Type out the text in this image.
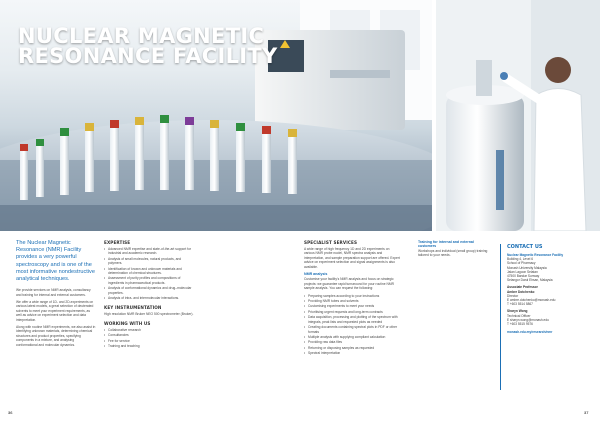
NUCLEAR MAGNETIC RESONANCE FACILITY
The Nuclear Magnetic Resonance (NMR) Facility provides a very powerful spectroscopy and is one of the most informative nondestructive analytical techniques.

We provide services on NMR analysis, consultancy and training for internal and external customers.

We offer a wide range of 1D- and 2D-experiments on various latest models, a great selection of deuterated solvents to meet your experiment requirements, as well as advice on experiment selection and data interpretation.

Along with routine NMR experiments, we also assist in identifying unknown materials, determining chemical structures and product properties, specifying components in a mixture, and analysing conformational and molecular dynamics.

EXPERTISE
• Advanced NMR expertise and state-of-the-art support for industrial and academic research.
• Analysis of small molecules, natural products, and polymers.
• Identification of known and unknown materials and determination of chemical structures.
• Assessment of purity profiles and compositions of ingredients in pharmaceutical products.
• Analysis of conformational dynamics and drug–molecular properties.
• Analysis of intra- and intermolecular interactions.
KEY INSTRUMENTATION

High resolution NMR Bruker NEO 500 spectrometer (Bruker).

WORKING WITH US
• Collaborative research
• Consultancies
• Fee for service
• Training and teaching
SPECIALIST SERVICES

A wide range of high frequency 1D and 2D experiments on various NMR probe nuclei, NMR spectra analysis and interpretation, and sample preparation support are offered. Expert advice on experiment selection and signal assignments is also available.

NMR analysis

Customise your facility's NMR analysis and focus on strategic projects: we guarantee rapid turnaround for your routine NMR sample analysis. You can request the following:

• Preparing samples according to your instructions
• Providing NMR tubes and solvents
• Customising experiments to meet your needs
• Prioritising urgent requests and long-term contracts
• Data acquisition, processing and plotting of the spectrum with integrals, peak lists and requested plots as needed
• Creating documents containing spectral plots in PDF or other formats
• Multiple analysis with supplying compliant calculation
• Providing raw data files
• Returning or disposing samples as requested
• Spectral interpretation
Training for internal and external customers

Workshops and individual (small group) training tailored to your needs.

CONTACT US
Nuclear Magnetic Resonance Facility
Building 4, Level 6
School of Pharmacy
Monash University Malaysia
Jalan Lagoon Selatan
47500 Bandar Sunway
Selangor Darul Ehsan, Malaysia
Associate Professor
Ambre Dotchenko
Director
E ambre.dotchenko@monash.edu
T +603 5514 5867
Sharyn Wong
Technical Officer
E sharyn.wong@monash.edu
T +603 5515 9576
monash.edu.my/research/nmr
36	37
